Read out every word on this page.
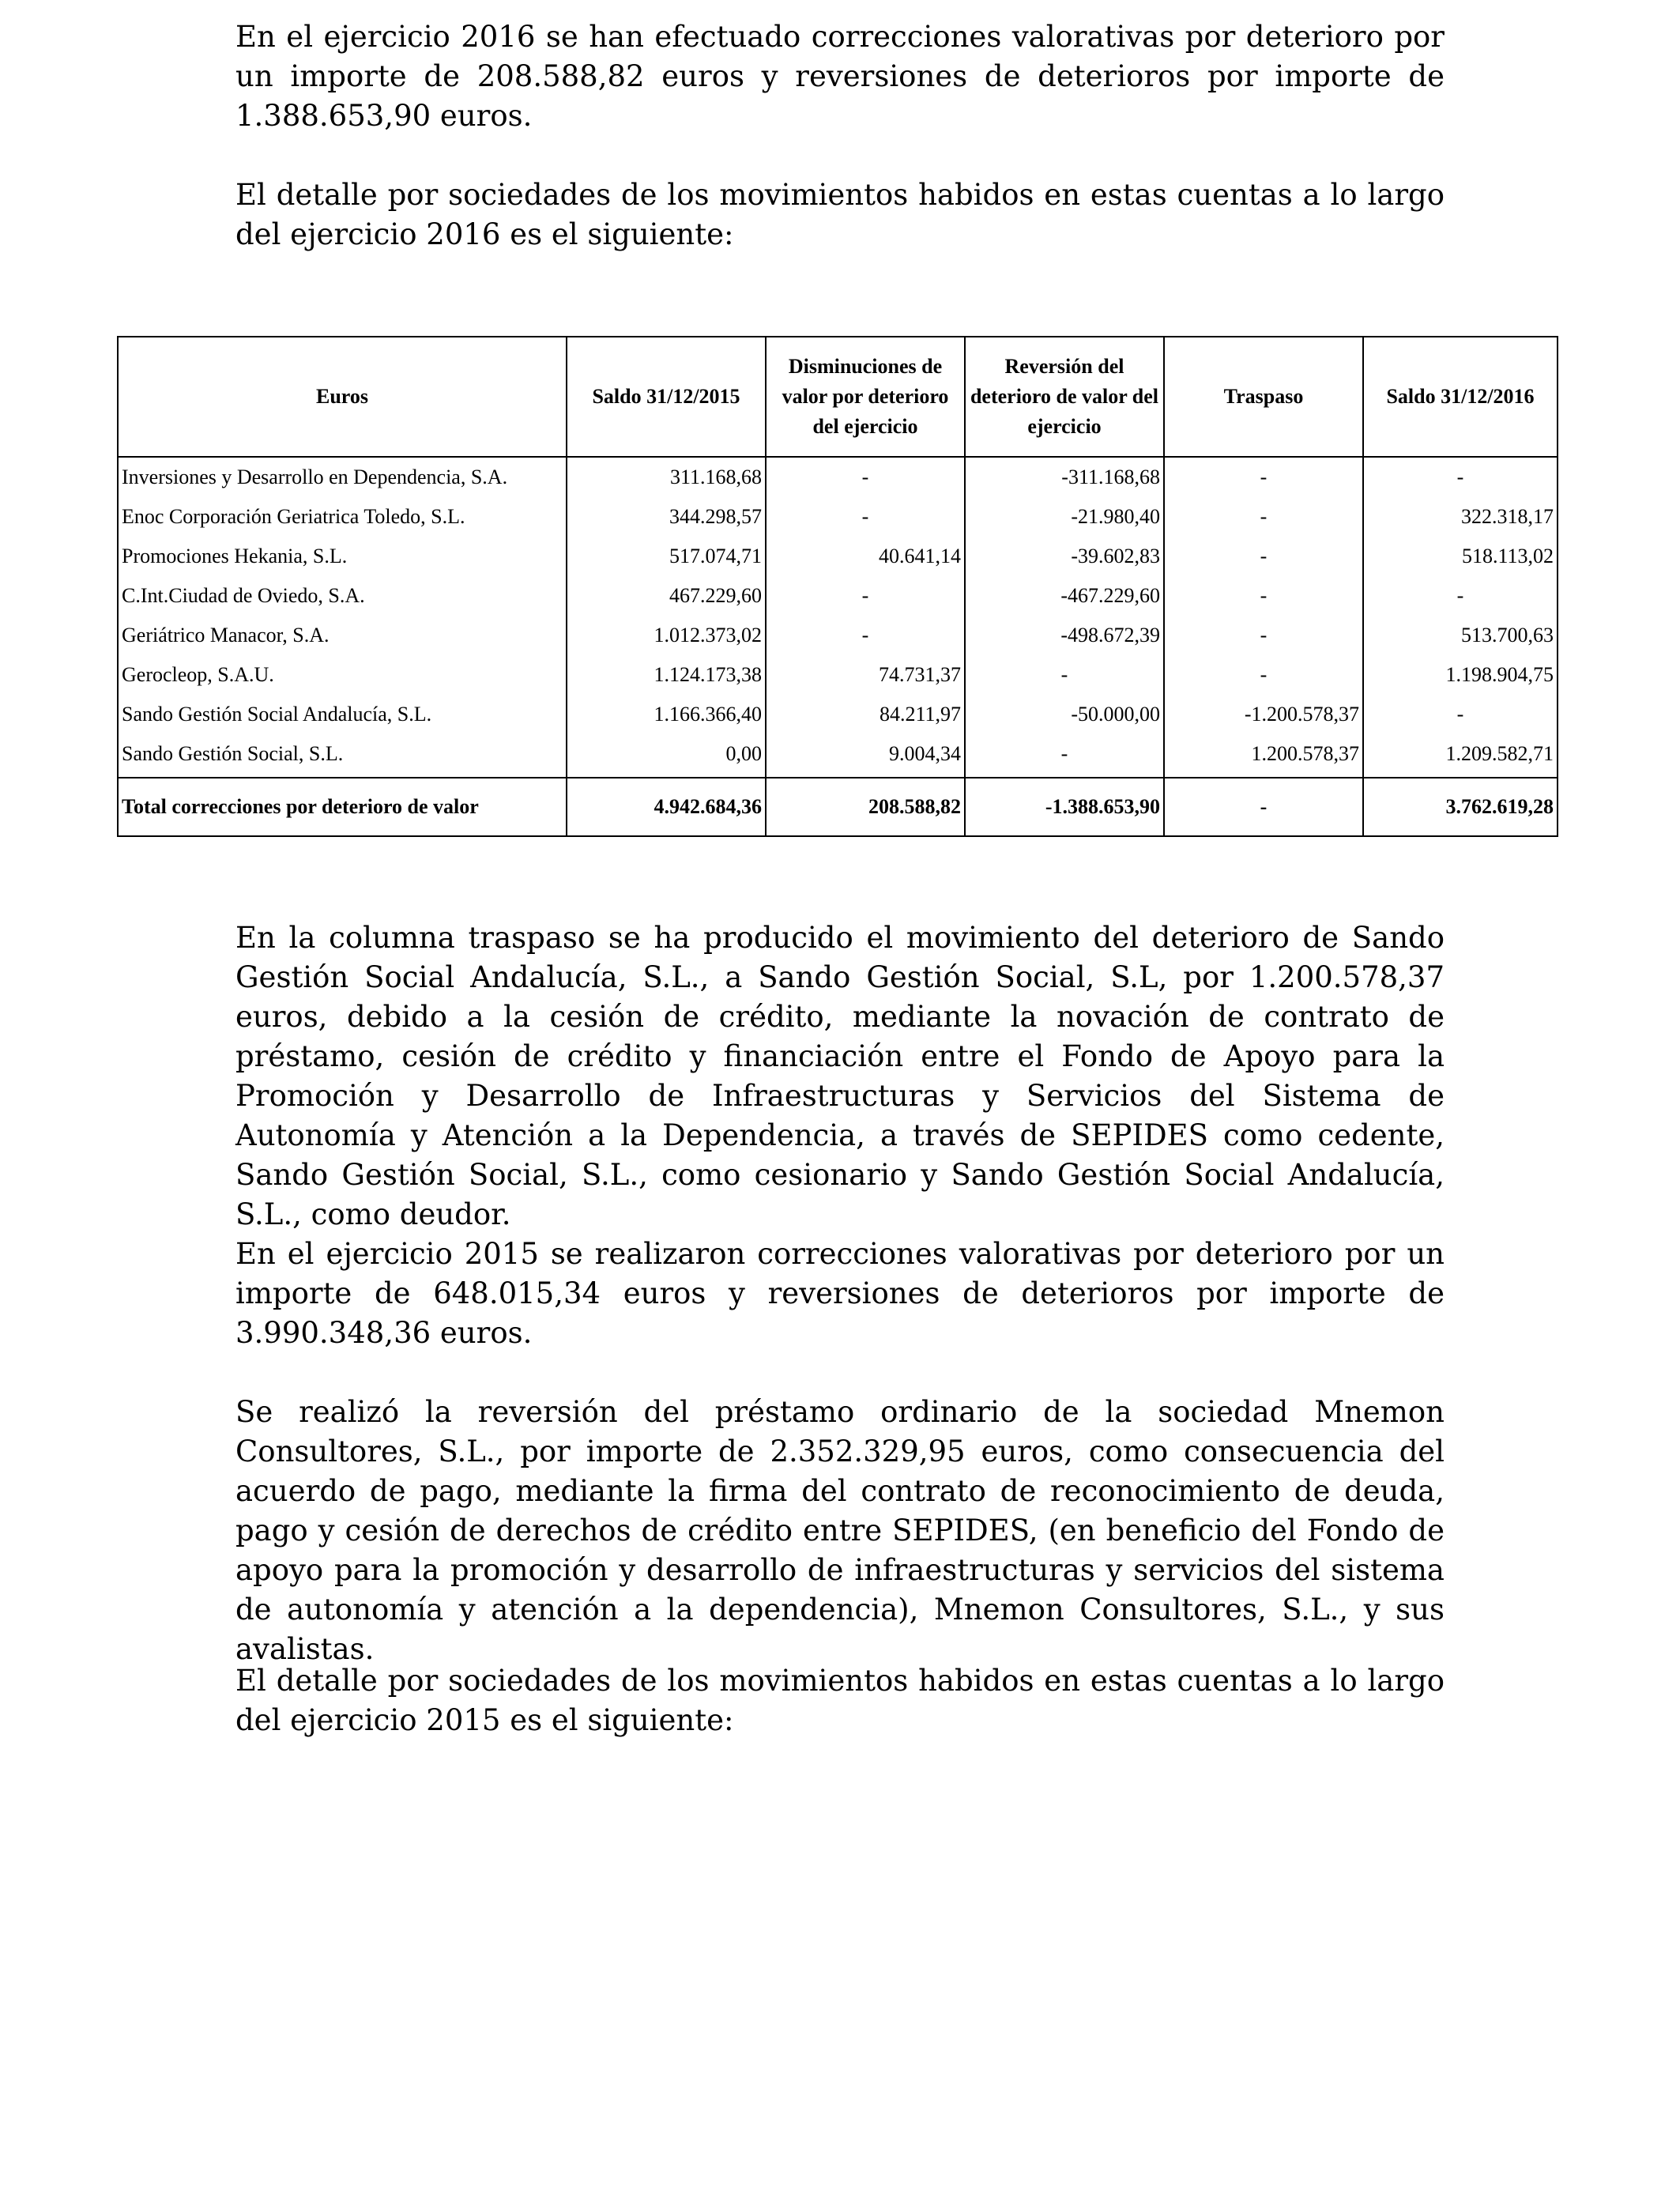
En el ejercicio 2016 se han efectuado correcciones valorativas por deterioro por un importe de 208.588,82 euros y reversiones de deterioros por importe de 1.388.653,90 euros.

El detalle por sociedades de los movimientos habidos en estas cuentas a lo largo del ejercicio 2016 es el siguiente:

Euros	Saldo 31/12/2015	Disminuciones de valor por deterioro del ejercicio	Reversión del deterioro de valor del ejercicio	Traspaso	Saldo 31/12/2016
Inversiones y Desarrollo en Dependencia, S.A.	311.168,68	-	-311.168,68	-	-
Enoc Corporación Geriatrica Toledo, S.L.	344.298,57	-	-21.980,40	-	322.318,17
Promociones Hekania, S.L.	517.074,71	40.641,14	-39.602,83	-	518.113,02
C.Int.Ciudad de Oviedo, S.A.	467.229,60	-	-467.229,60	-	-
Geriátrico Manacor, S.A.	1.012.373,02	-	-498.672,39	-	513.700,63
Gerocleop, S.A.U.	1.124.173,38	74.731,37	-	-	1.198.904,75
Sando Gestión Social Andalucía, S.L.	1.166.366,40	84.211,97	-50.000,00	-1.200.578,37	-
Sando Gestión Social, S.L.	0,00	9.004,34	-	1.200.578,37	1.209.582,71
Total correcciones por deterioro de valor	4.942.684,36	208.588,82	-1.388.653,90	-	3.762.619,28

En la columna traspaso se ha producido el movimiento del deterioro de Sando Gestión Social Andalucía, S.L., a Sando Gestión Social, S.L, por 1.200.578,37 euros, debido a la cesión de crédito, mediante la novación de contrato de préstamo, cesión de crédito y financiación entre el Fondo de Apoyo para la Promoción y Desarrollo de Infraestructuras y Servicios del Sistema de Autonomía y Atención a la Dependencia, a través de SEPIDES como cedente, Sando Gestión Social, S.L., como cesionario y Sando Gestión Social Andalucía, S.L., como deudor.

En el ejercicio 2015 se realizaron correcciones valorativas por deterioro por un importe de 648.015,34 euros y reversiones de deterioros por importe de 3.990.348,36 euros.

Se realizó la reversión del préstamo ordinario de la sociedad Mnemon Consultores, S.L., por importe de 2.352.329,95 euros, como consecuencia del acuerdo de pago, mediante la firma del contrato de reconocimiento de deuda, pago y cesión de derechos de crédito entre SEPIDES, (en beneficio del Fondo de apoyo para la promoción y desarrollo de infraestructuras y servicios del sistema de autonomía y atención a la dependencia), Mnemon Consultores, S.L., y sus avalistas.

El detalle por sociedades de los movimientos habidos en estas cuentas a lo largo del ejercicio 2015 es el siguiente:
